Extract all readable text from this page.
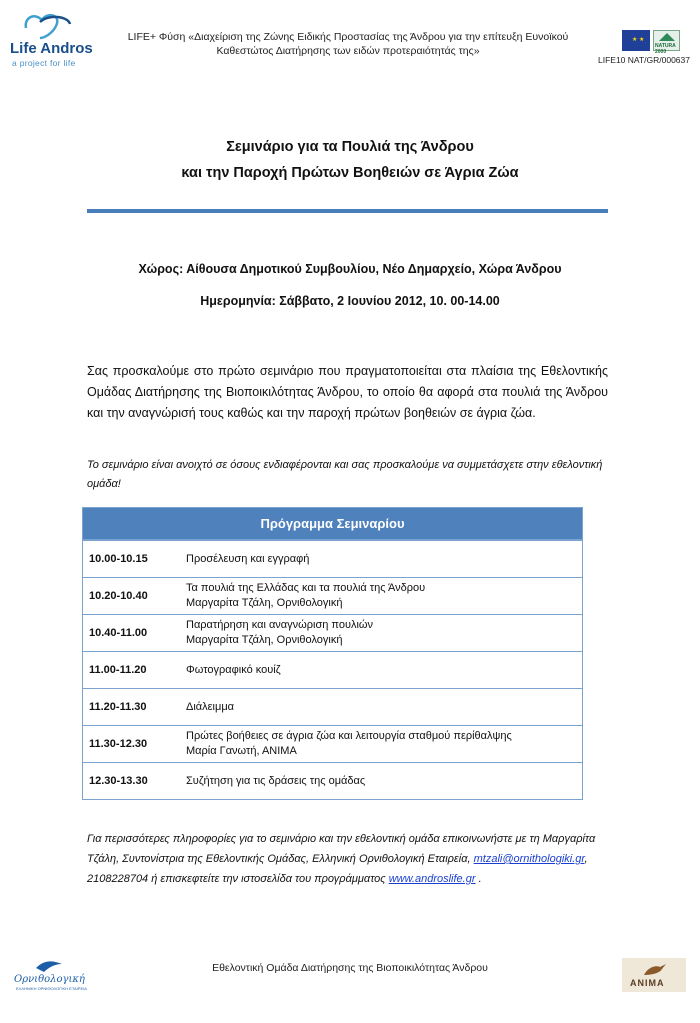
Life Andros
a project for life
LIFE+ Φύση «Διαχείριση της Ζώνης Ειδικής Προστασίας της Άνδρου για την επίτευξη Ευνοϊκού
Καθεστώτος Διατήρησης των ειδών προτεραιότητάς της»
★ ★
NATURA 2000
LIFE10 NAT/GR/000637
Σεμινάριο για τα Πουλιά της Άνδρου
και την Παροχή Πρώτων Βοηθειών σε Άγρια Ζώα
Χώρος: Αίθουσα Δημοτικού Συμβουλίου, Νέο Δημαρχείο, Χώρα Άνδρου
Ημερομηνία: Σάββατο, 2 Ιουνίου 2012, 10. 00-14.00
Σας προσκαλούμε στο πρώτο σεμινάριο που πραγματοποιείται στα πλαίσια της Εθελοντικής Ομάδας Διατήρησης της Βιοποικιλότητας Άνδρου, το οποίο θα αφορά στα πουλιά της Άνδρου και την αναγνώρισή τους καθώς και την παροχή πρώτων βοηθειών σε άγρια ζώα.
Το σεμινάριο είναι ανοιχτό σε όσους ενδιαφέρονται και σας προσκαλούμε να συμμετάσχετε στην εθελοντική ομάδα!
Πρόγραμμα Σεμιναρίου
10.00-10.15	Προσέλευση και εγγραφή
10.20-10.40
Τα πουλιά της Ελλάδας και τα πουλιά της Άνδρου
Μαργαρίτα Τζάλη, Ορνιθολογική
10.40-11.00
Παρατήρηση και αναγνώριση πουλιών
Μαργαρίτα Τζάλη, Ορνιθολογική
11.00-11.20	Φωτογραφικό κουίζ
11.20-11.30	Διάλειμμα
11.30-12.30
Πρώτες βοήθειες σε άγρια ζώα και λειτουργία σταθμού περίθαλψης
Μαρία Γανωτή, ΑΝΙΜΑ
12.30-13.30	Συζήτηση για τις δράσεις της ομάδας
Για περισσότερες πληροφορίες για το σεμινάριο και την εθελοντική ομάδα επικοινωνήστε με τη Μαργαρίτα Τζάλη, Συντονίστρια της Εθελοντικής Ομάδας, Ελληνική Ορνιθολογική Εταιρεία, mtzali@ornithologiki.gr, 2108228704 ή επισκεφτείτε την ιστοσελίδα του προγράμματος www.androslife.gr .
Ορνιθολογική
ΕΛΛΗΝΙΚΗ ΟΡΝΙΘΟΛΟΓΙΚΗ ΕΤΑΙΡΕΙΑ
Εθελοντική Ομάδα Διατήρησης της Βιοποικιλότητας Άνδρου
ANIMA
